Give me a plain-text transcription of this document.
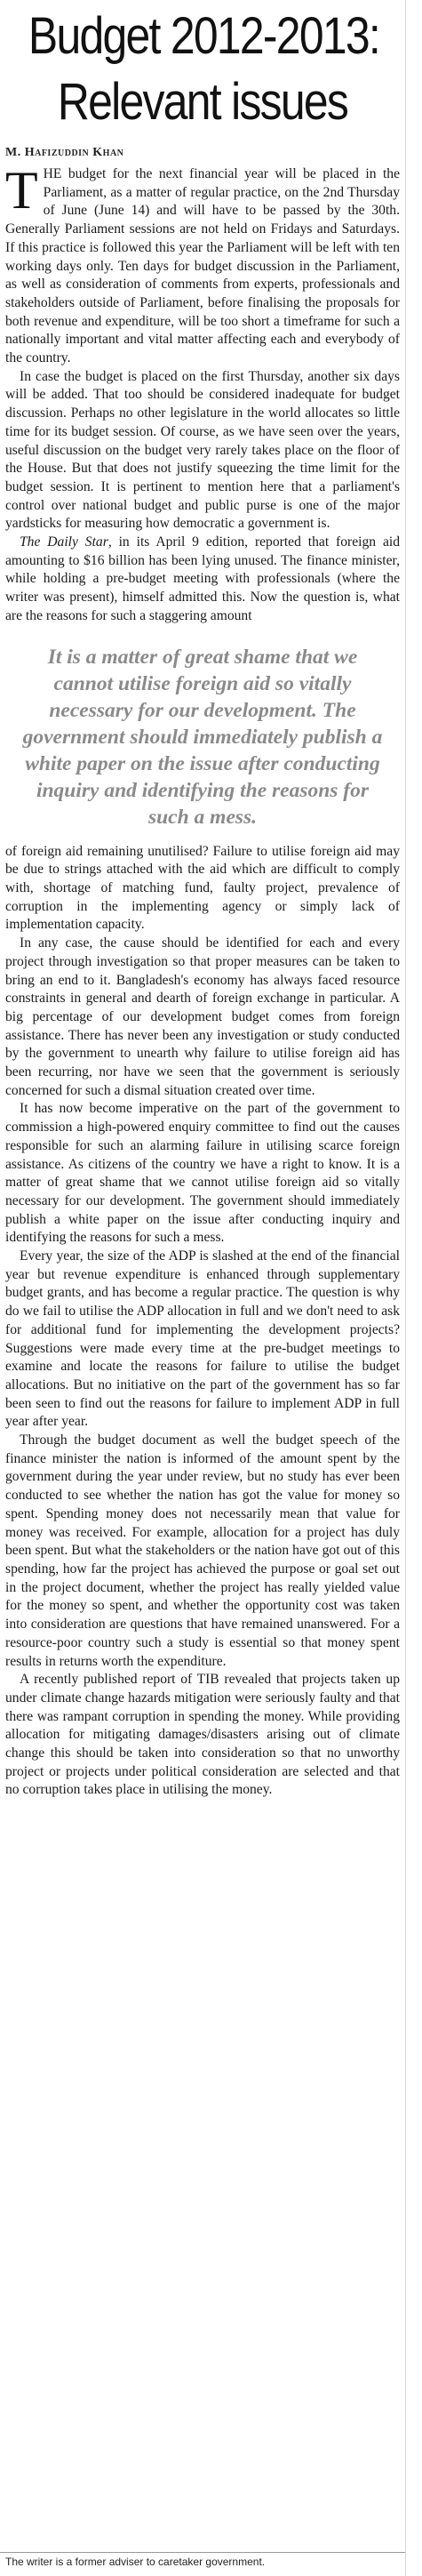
Budget 2012-2013:
Relevant issues
M. Hafizuddin Khan

THE budget for the next financial year will be placed in the Parliament, as a matter of regular practice, on the 2nd Thursday of June (June 14) and will have to be passed by the 30th. Generally Parliament sessions are not held on Fridays and Saturdays. If this practice is followed this year the Parliament will be left with ten working days only. Ten days for budget discussion in the Parliament, as well as consideration of comments from experts, professionals and stakeholders outside of Parliament, before finalising the proposals for both revenue and expenditure, will be too short a timeframe for such a nationally important and vital matter affecting each and everybody of the country.

In case the budget is placed on the first Thursday, another six days will be added. That too should be considered inadequate for budget discussion. Perhaps no other legislature in the world allocates so little time for its budget session. Of course, as we have seen over the years, useful discussion on the budget very rarely takes place on the floor of the House. But that does not justify squeezing the time limit for the budget session. It is pertinent to mention here that a parliament's control over national budget and public purse is one of the major yardsticks for measuring how democratic a government is.

The Daily Star, in its April 9 edition, reported that foreign aid amounting to $16 billion has been lying unused. The finance minister, while holding a pre-budget meeting with professionals (where the writer was present), himself admitted this. Now the question is, what are the reasons for such a staggering amount

It is a matter of great shame that we cannot utilise foreign aid so vitally necessary for our development. The government should immediately publish a white paper on the issue after conducting inquiry and identifying the reasons for such a mess.

of foreign aid remaining unutilised? Failure to utilise foreign aid may be due to strings attached with the aid which are difficult to comply with, shortage of matching fund, faulty project, prevalence of corruption in the implementing agency or simply lack of implementation capacity.

In any case, the cause should be identified for each and every project through investigation so that proper measures can be taken to bring an end to it. Bangladesh's economy has always faced resource constraints in general and dearth of foreign exchange in particular. A big percentage of our development budget comes from foreign assistance. There has never been any investigation or study conducted by the government to unearth why failure to utilise foreign aid has been recurring, nor have we seen that the government is seriously concerned for such a dismal situation created over time.

It has now become imperative on the part of the government to commission a high-powered enquiry committee to find out the causes responsible for such an alarming failure in utilising scarce foreign assistance. As citizens of the country we have a right to know. It is a matter of great shame that we cannot utilise foreign aid so vitally necessary for our development. The government should immediately publish a white paper on the issue after conducting inquiry and identifying the reasons for such a mess.

Every year, the size of the ADP is slashed at the end of the financial year but revenue expenditure is enhanced through supplementary budget grants, and has become a regular practice. The question is why do we fail to utilise the ADP allocation in full and we don't need to ask for additional fund for implementing the development projects? Suggestions were made every time at the pre-budget meetings to examine and locate the reasons for failure to utilise the budget allocations. But no initiative on the part of the government has so far been seen to find out the reasons for failure to implement ADP in full year after year.

Through the budget document as well the budget speech of the finance minister the nation is informed of the amount spent by the government during the year under review, but no study has ever been conducted to see whether the nation has got the value for money so spent. Spending money does not necessarily mean that value for money was received. For example, allocation for a project has duly been spent. But what the stakeholders or the nation have got out of this spending, how far the project has achieved the purpose or goal set out in the project document, whether the project has really yielded value for the money so spent, and whether the opportunity cost was taken into consideration are questions that have remained unanswered. For a resource-poor country such a study is essential so that money spent results in returns worth the expenditure.

A recently published report of TIB revealed that projects taken up under climate change hazards mitigation were seriously faulty and that there was rampant corruption in spending the money. While providing allocation for mitigating damages/disasters arising out of climate change this should be taken into consideration so that no unworthy project or projects under political consideration are selected and that no corruption takes place in utilising the money.

The writer is a former adviser to caretaker government.
